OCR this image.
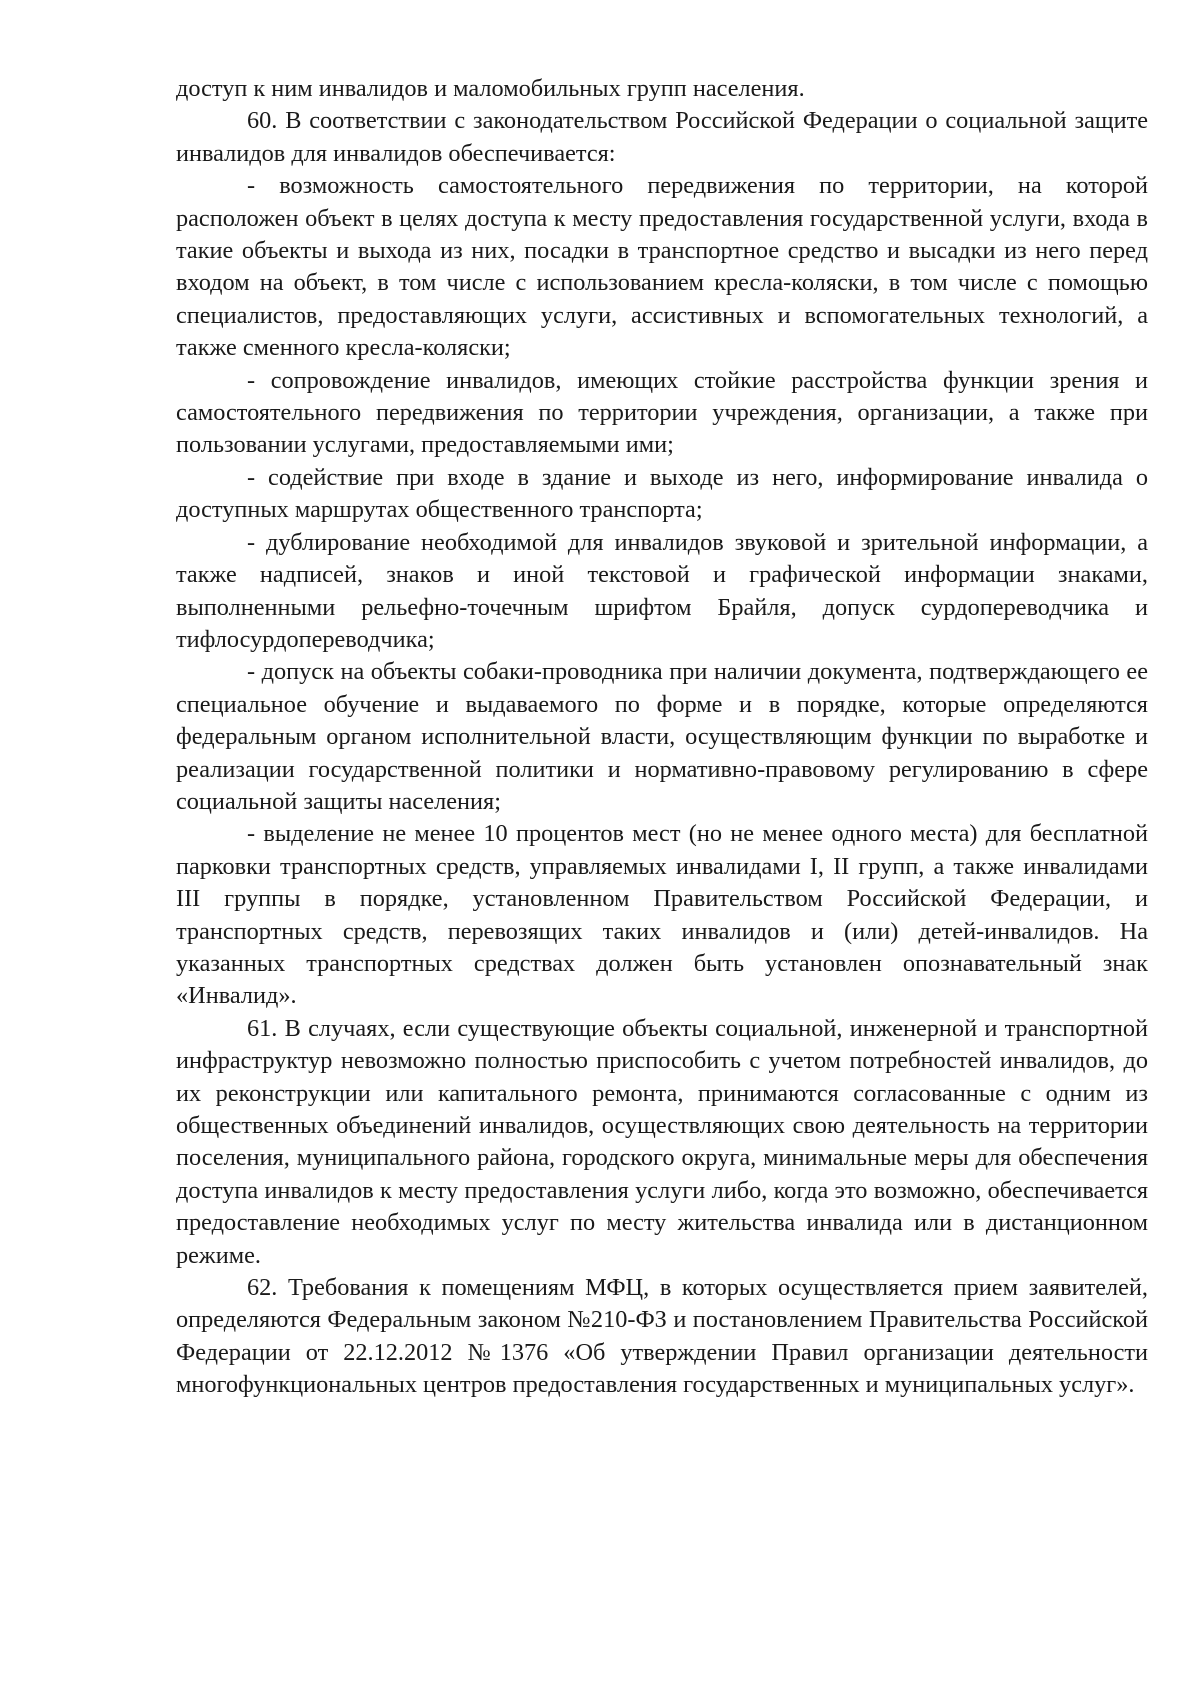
доступ к ним инвалидов и маломобильных групп населения.

60. В соответствии с законодательством Российской Федерации о социальной защите инвалидов для инвалидов обеспечивается:

- возможность самостоятельного передвижения по территории, на которой расположен объект в целях доступа к месту предоставления государственной услуги, входа в такие объекты и выхода из них, посадки в транспортное средство и высадки из него перед входом на объект, в том числе с использованием кресла-коляски, в том числе с помощью специалистов, предоставляющих услуги, ассистивных и вспомогательных технологий, а также сменного кресла-коляски;

- сопровождение инвалидов, имеющих стойкие расстройства функции зрения и самостоятельного передвижения по территории учреждения, организации, а также при пользовании услугами, предоставляемыми ими;

- содействие при входе в здание и выходе из него, информирование инвалида о доступных маршрутах общественного транспорта;

- дублирование необходимой для инвалидов звуковой и зрительной информации, а также надписей, знаков и иной текстовой и графической информации знаками, выполненными рельефно-точечным шрифтом Брайля, допуск сурдопереводчика и тифлосурдопереводчика;

- допуск на объекты собаки-проводника при наличии документа, подтверждающего ее специальное обучение и выдаваемого по форме и в порядке, которые определяются федеральным органом исполнительной власти, осуществляющим функции по выработке и реализации государственной политики и нормативно-правовому регулированию в сфере социальной защиты населения;

- выделение не менее 10 процентов мест (но не менее одного места) для бесплатной парковки транспортных средств, управляемых инвалидами I, II групп, а также инвалидами III группы в порядке, установленном Правительством Российской Федерации, и транспортных средств, перевозящих таких инвалидов и (или) детей-инвалидов. На указанных транспортных средствах должен быть установлен опознавательный знак «Инвалид».

61. В случаях, если существующие объекты социальной, инженерной и транспортной инфраструктур невозможно полностью приспособить с учетом потребностей инвалидов, до их реконструкции или капитального ремонта, принимаются согласованные с одним из общественных объединений инвалидов, осуществляющих свою деятельность на территории поселения, муниципального района, городского округа, минимальные меры для обеспечения доступа инвалидов к месту предоставления услуги либо, когда это возможно, обеспечивается предоставление необходимых услуг по месту жительства инвалида или в дистанционном режиме.

62. Требования к помещениям МФЦ, в которых осуществляется прием заявителей, определяются Федеральным законом №210-ФЗ и постановлением Правительства Российской Федерации от 22.12.2012 №1376 «Об утверждении Правил организации деятельности многофункциональных центров предоставления государственных и муниципальных услуг».
